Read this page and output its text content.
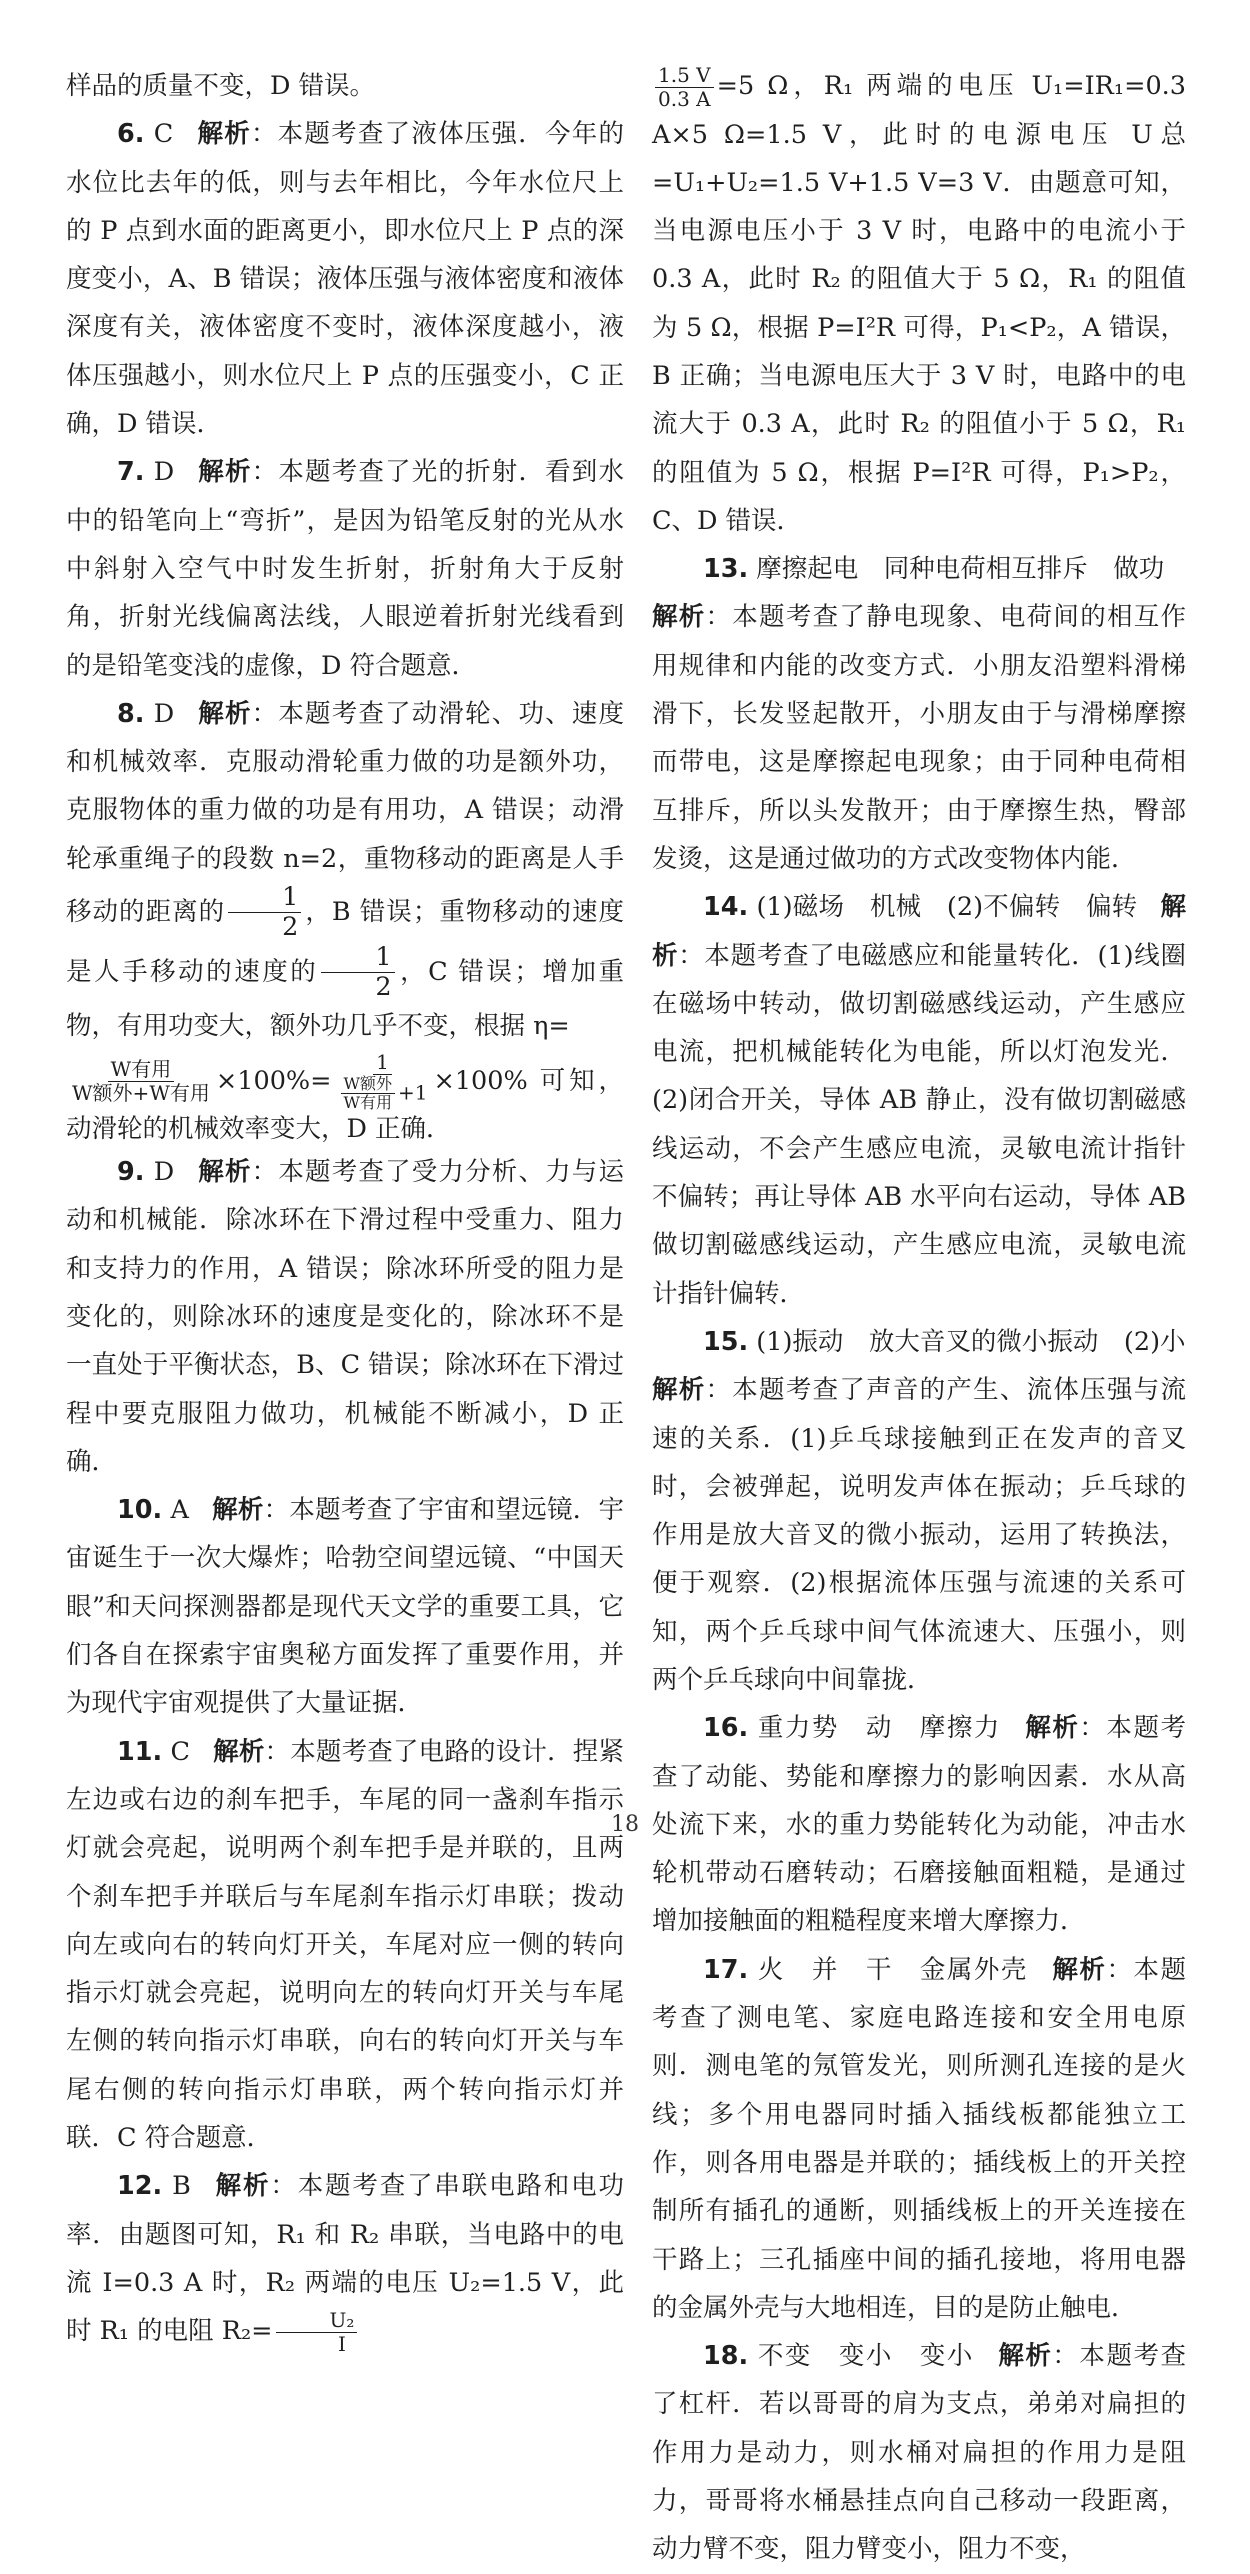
样品的质量不变，D 错误。

6. C 解析：本题考查了液体压强．今年的水位比去年的低，则与去年相比，今年水位尺上的 P 点到水面的距离更小，即水位尺上 P 点的深度变小，A、B 错误；液体压强与液体密度和液体深度有关，液体密度不变时，液体深度越小，液体压强越小，则水位尺上 P 点的压强变小，C 正确，D 错误．

7. D 解析：本题考查了光的折射．看到水中的铅笔向上“弯折”，是因为铅笔反射的光从水中斜射入空气中时发生折射，折射角大于反射角，折射光线偏离法线，人眼逆着折射光线看到的是铅笔变浅的虚像，D 符合题意．

8. D 解析：本题考查了动滑轮、功、速度和机械效率．克服动滑轮重力做的功是额外功，克服物体的重力做的功是有用功，A 错误；动滑轮承重绳子的段数 n=2，重物移动的距离是人手移动的距离的 $\frac{1}{2}$ ，B 错误；重物移动的速度是人手移动的速度的 $\frac{1}{2}$ ，C 错误；增加重物，有用功变大，额外功几乎不变，根据 η=

$\frac{\text{W有用}}{\text{W额外+W有用}} \times 100\%= \frac{1}{\frac{\text{W额外}}{\text{W有用}} +1} \times 100\%$ 可知，动滑轮的机械效率变大，D 正确．

9. D 解析：本题考查了受力分析、力与运动和机械能．除冰环在下滑过程中受重力、阻力和支持力的作用，A 错误；除冰环所受的阻力是变化的，则除冰环的速度是变化的，除冰环不是一直处于平衡状态，B、C 错误；除冰环在下滑过程中要克服阻力做功，机械能不断减小，D 正确．

10. A 解析：本题考查了宇宙和望远镜．宇宙诞生于一次大爆炸；哈勃空间望远镜、“中国天眼”和天问探测器都是现代天文学的重要工具，它们各自在探索宇宙奥秘方面发挥了重要作用，并为现代宇宙观提供了大量证据．

11. C 解析：本题考查了电路的设计．捏紧左边或右边的刹车把手，车尾的同一盏刹车指示灯就会亮起，说明两个刹车把手是并联的，且两个刹车把手并联后与车尾刹车指示灯串联；拨动向左或向右的转向灯开关，车尾对应一侧的转向指示灯就会亮起，说明向左的转向灯开关与车尾左侧的转向指示灯串联，向右的转向灯开关与车尾右侧的转向指示灯串联，两个转向指示灯并联．C 符合题意．

12. B 解析：本题考查了串联电路和电功率．由题图可知，R₁ 和 R₂ 串联，当电路中的电流 I=0.3 A 时，R₂ 两端的电压 U₂=1.5 V，此时 R₁ 的电阻 $R_2= \frac{\text{U₂}}{I}$

$\frac{1.5 V}{0.3 A} =5$ Ω，R₁ 两端的电压 U₁=IR₁=0.3 A×5 Ω=1.5 V，此时的电源电压 U总=U₁+U₂=1.5 V+1.5 V=3 V．由题意可知，当电源电压小于 3 V 时，电路中的电流小于 0.3 A，此时 R₂ 的阻值大于 5 Ω，R₁ 的阻值为 5 Ω，根据 P=I²R 可得，P₁<P₂，A 错误，B 正确；当电源电压大于 3 V 时，电路中的电流大于 0.3 A，此时 R₂ 的阻值小于 5 Ω，R₁ 的阻值为 5 Ω，根据 P=I²R 可得，P₁>P₂，C、D 错误．

13. 摩擦起电　同种电荷相互排斥　做功
解析：本题考查了静电现象、电荷间的相互作用规律和内能的改变方式．小朋友沿塑料滑梯滑下，长发竖起散开，小朋友由于与滑梯摩擦而带电，这是摩擦起电现象；由于同种电荷相互排斥，所以头发散开；由于摩擦生热，臀部发烫，这是通过做功的方式改变物体内能．

14. (1)磁场　机械　(2)不偏转　偏转 解析：本题考查了电磁感应和能量转化．(1)线圈在磁场中转动，做切割磁感线运动，产生感应电流，把机械能转化为电能，所以灯泡发光．(2)闭合开关，导体 AB 静止，没有做切割磁感线运动，不会产生感应电流，灵敏电流计指针不偏转；再让导体 AB 水平向右运动，导体 AB 做切割磁感线运动，产生感应电流，灵敏电流计指针偏转．

15. (1)振动　放大音叉的微小振动　(2)小
解析：本题考查了声音的产生、流体压强与流速的关系．(1)乒乓球接触到正在发声的音叉时，会被弹起，说明发声体在振动；乒乓球的作用是放大音叉的微小振动，运用了转换法，便于观察．(2)根据流体压强与流速的关系可知，两个乒乓球中间气体流速大、压强小，则两个乒乓球向中间靠拢．

16. 重力势　动　摩擦力 解析：本题考查了动能、势能和摩擦力的影响因素．水从高处流下来，水的重力势能转化为动能，冲击水轮机带动石磨转动；石磨接触面粗糙，是通过增加接触面的粗糙程度来增大摩擦力．

17. 火　并　干　金属外壳 解析：本题考查了测电笔、家庭电路连接和安全用电原则．测电笔的氖管发光，则所测孔连接的是火线；多个用电器同时插入插线板都能独立工作，则各用电器是并联的；插线板上的开关控制所有插孔的通断，则插线板上的开关连接在干路上；三孔插座中间的插孔接地，将用电器的金属外壳与大地相连，目的是防止触电．

18. 不变　变小　变小 解析：本题考查了杠杆．若以哥哥的肩为支点，弟弟对扁担的作用力是动力，则水桶对扁担的作用力是阻力，哥哥将水桶悬挂点向自己移动一段距离，动力臂不变，阻力臂变小，阻力不变，

18
